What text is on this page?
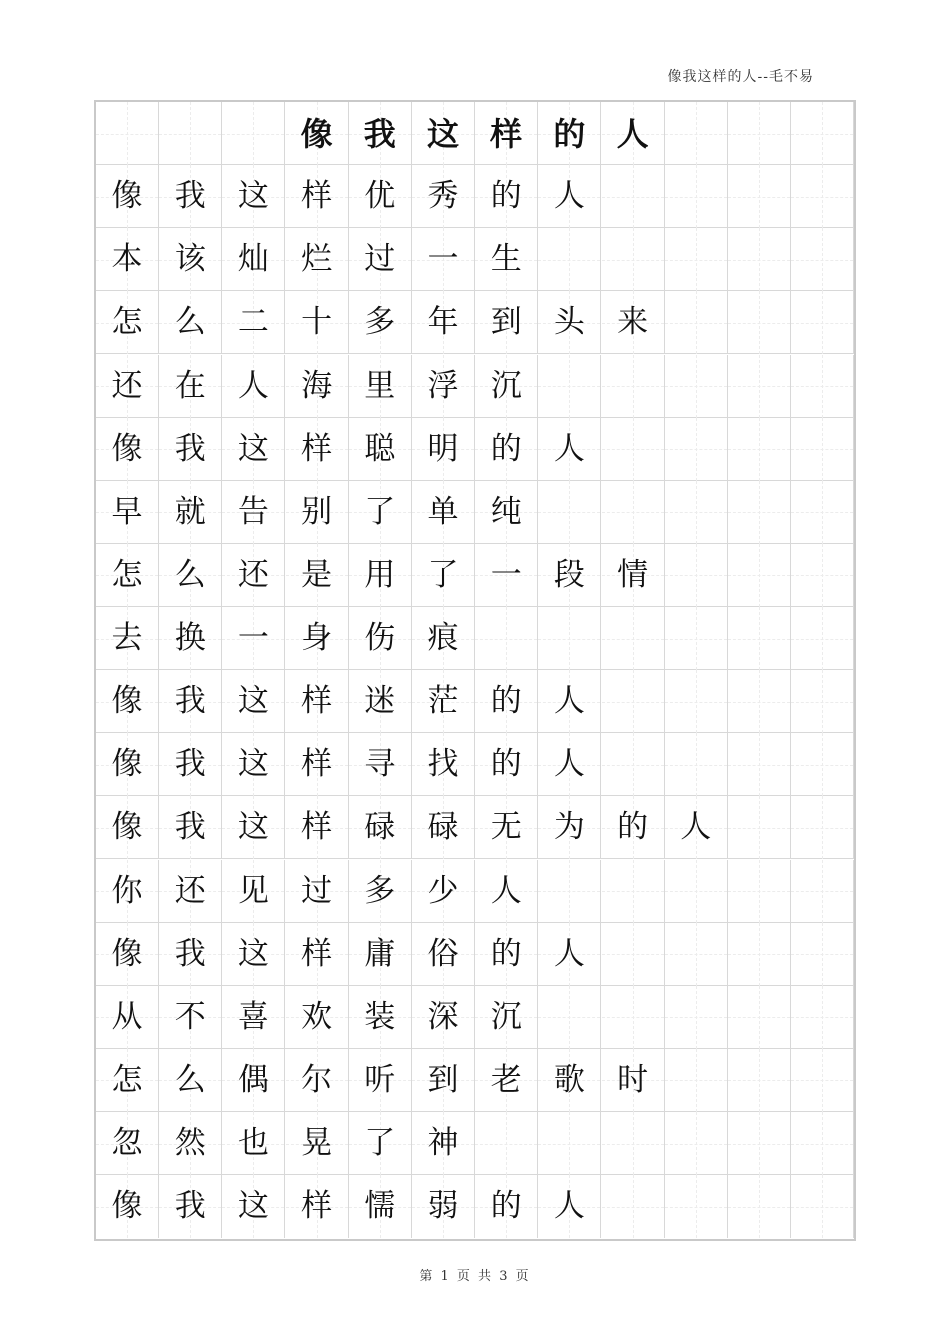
像我这样的人--毛不易
像 我 这 样 的 人
像 我 这 样 优 秀 的 人
本 该 灿 烂 过 一 生
怎 么 二 十 多 年 到 头 来
还 在 人 海 里 浮 沉
像 我 这 样 聪 明 的 人
早 就 告 别 了 单 纯
怎 么 还 是 用 了 一 段 情
去 换 一 身 伤 痕
像 我 这 样 迷 茫 的 人
像 我 这 样 寻 找 的 人
像 我 这 样 碌 碌 无 为 的 人
你 还 见 过 多 少 人
像 我 这 样 庸 俗 的 人
从 不 喜 欢 装 深 沉
怎 么 偶 尔 听 到 老 歌 时
忽 然 也 晃 了 神
像 我 这 样 懦 弱 的 人
第 1 页 共 3 页
